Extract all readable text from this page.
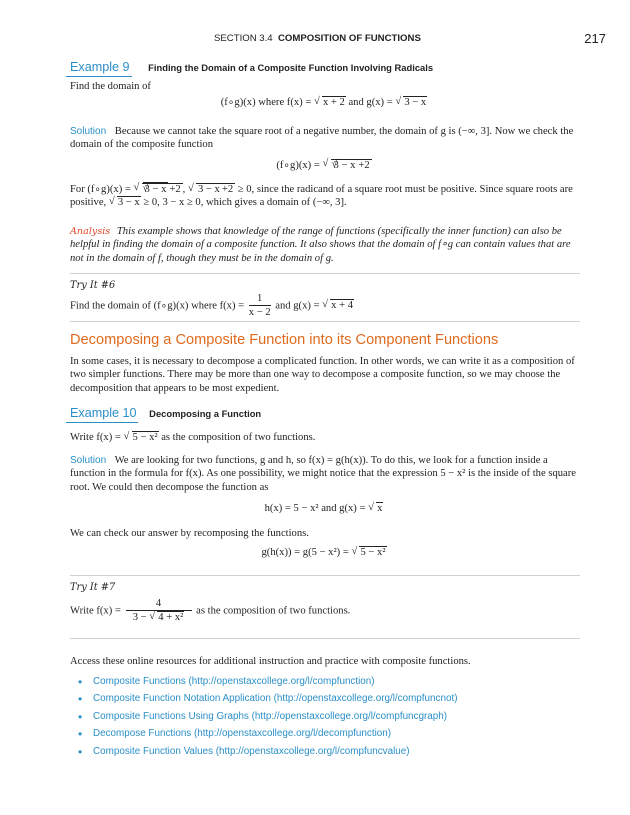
SECTION 3.4 COMPOSITION OF FUNCTIONS	217
Example 9 Finding the Domain of a Composite Function Involving Radicals
Find the domain of
(f∘g)(x) where f(x) = √ x + 2 and g(x) = √ 3 − x
Solution Because we cannot take the square root of a negative number, the domain of g is (−∞, 3]. Now we check the domain of the composite function
(f∘g)(x) = √ √ 3 − x +2
For (f∘g)(x) = √ √ 3 − x +2 , √ 3 − x +2 ≥ 0, since the radicand of a square root must be positive. Since square roots are positive, √ 3 − x ≥ 0, 3 − x ≥ 0, which gives a domain of (−∞, 3].
Analysis This example shows that knowledge of the range of functions (specifically the inner function) can also be helpful in finding the domain of a composite function. It also shows that the domain of f∘g can contain values that are not in the domain of f, though they must be in the domain of g.
Try It #6
Find the domain of (f∘g)(x) where $f(x) = \frac{1}{x - 2}$ and g(x) = √ x + 4
Decomposing a Composite Function into its Component Functions
In some cases, it is necessary to decompose a complicated function. In other words, we can write it as a composition of two simpler functions. There may be more than one way to decompose a composite function, so we may choose the decomposition that appears to be most expedient.
Example 10 Decomposing a Function
Write f(x) = √ 5 − x² as the composition of two functions.
Solution We are looking for two functions, g and h, so f(x) = g(h(x)). To do this, we look for a function inside a function in the formula for f(x). As one possibility, we might notice that the expression 5 − x² is the inside of the square root. We could then decompose the function as
h(x) = 5 − x² and g(x) = √ x
We can check our answer by recomposing the functions.
g(h(x)) = g(5 − x²) = √ 5 − x²
Try It #7
Write $f(x) = \frac{4}{\text{3 − √ 4 + x²}}$ as the composition of two functions.
Access these online resources for additional instruction and practice with composite functions.
• Composite Functions (http://openstaxcollege.org/l/compfunction)
• Composite Function Notation Application (http://openstaxcollege.org/l/compfuncnot)
• Composite Functions Using Graphs (http://openstaxcollege.org/l/compfuncgraph)
• Decompose Functions (http://openstaxcollege.org/l/decompfunction)
• Composite Function Values (http://openstaxcollege.org/l/compfuncvalue)
